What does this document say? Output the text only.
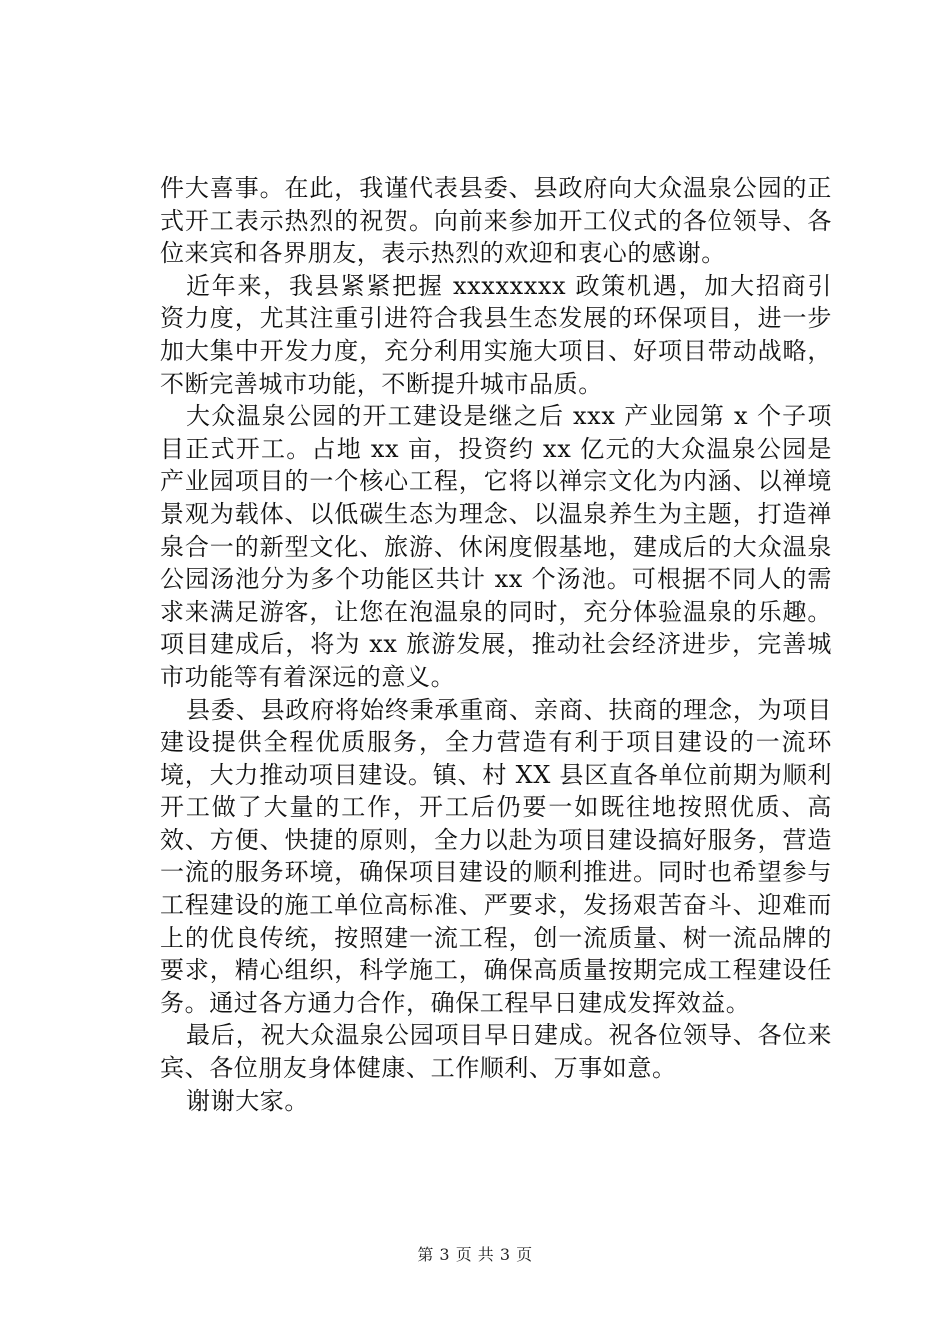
件大喜事。在此，我谨代表县委、县政府向大众温泉公园的正式开工表示热烈的祝贺。向前来参加开工仪式的各位领导、各位来宾和各界朋友，表示热烈的欢迎和衷心的感谢。

近年来，我县紧紧把握 xxxxxxxx 政策机遇，加大招商引资力度，尤其注重引进符合我县生态发展的环保项目，进一步加大集中开发力度，充分利用实施大项目、好项目带动战略，不断完善城市功能，不断提升城市品质。

大众温泉公园的开工建设是继之后 xxx 产业园第 x 个子项目正式开工。占地 xx 亩，投资约 xx 亿元的大众温泉公园是产业园项目的一个核心工程，它将以禅宗文化为内涵、以禅境景观为载体、以低碳生态为理念、以温泉养生为主题，打造禅泉合一的新型文化、旅游、休闲度假基地，建成后的大众温泉公园汤池分为多个功能区共计 xx 个汤池。可根据不同人的需求来满足游客，让您在泡温泉的同时，充分体验温泉的乐趣。项目建成后，将为 xx 旅游发展，推动社会经济进步，完善城市功能等有着深远的意义。

县委、县政府将始终秉承重商、亲商、扶商的理念，为项目建设提供全程优质服务，全力营造有利于项目建设的一流环境，大力推动项目建设。镇、村 XX 县区直各单位前期为顺利开工做了大量的工作，开工后仍要一如既往地按照优质、高效、方便、快捷的原则，全力以赴为项目建设搞好服务，营造一流的服务环境，确保项目建设的顺利推进。同时也希望参与工程建设的施工单位高标准、严要求，发扬艰苦奋斗、迎难而上的优良传统，按照建一流工程，创一流质量、树一流品牌的要求，精心组织，科学施工，确保高质量按期完成工程建设任务。通过各方通力合作，确保工程早日建成发挥效益。

最后，祝大众温泉公园项目早日建成。祝各位领导、各位来宾、各位朋友身体健康、工作顺利、万事如意。

谢谢大家。

第 3 页 共 3 页
